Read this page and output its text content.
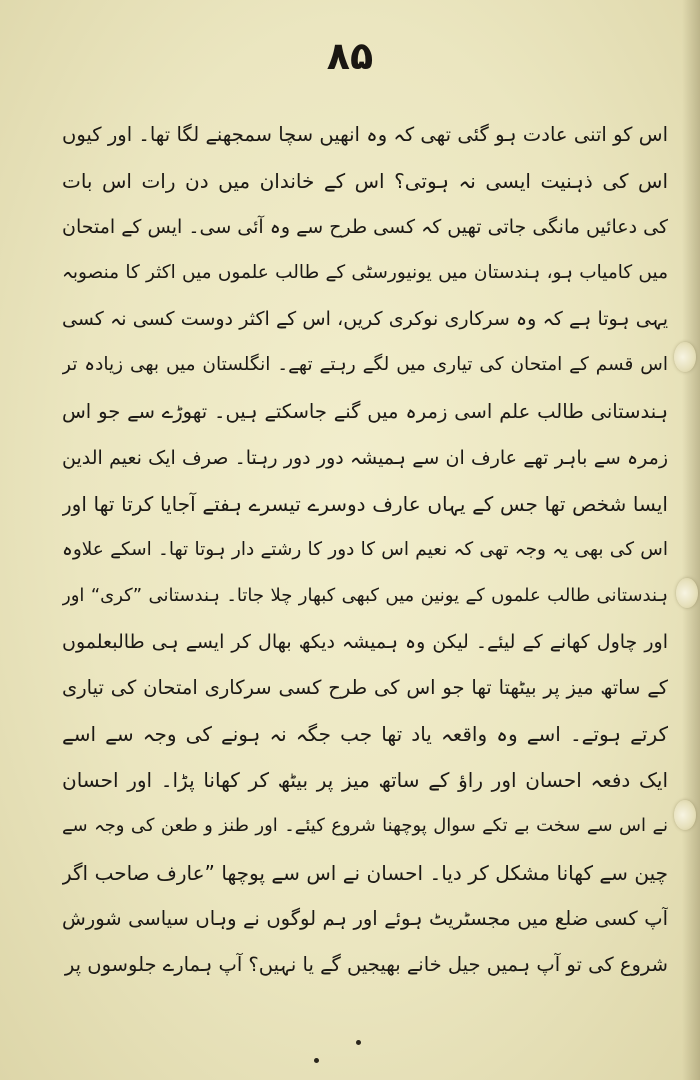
۸۵
اس کو اتنی عادت ہو گئی تھی کہ وہ انھیں سچا سمجھنے لگا تھا۔ اور کیوں
اس کی ذہنیت ایسی نہ ہوتی؟ اس کے خاندان میں دن رات اس بات
کی دعائیں مانگی جاتی تھیں کہ کسی طرح سے وہ آئی سی۔ ایس کے امتحان
میں کامیاب ہو، ہندستان میں یونیورسٹی کے طالب علموں میں اکثر کا منصوبہ
یہی ہوتا ہے کہ وہ سرکاری نوکری کریں، اس کے اکثر دوست کسی نہ کسی
اس قسم کے امتحان کی تیاری میں لگے رہتے تھے۔ انگلستان میں بھی زیادہ تر
ہندستانی طالب علم اسی زمرہ میں گنے جاسکتے ہیں۔ تھوڑے سے جو اس
زمرہ سے باہر تھے عارف ان سے ہمیشہ دور دور رہتا۔ صرف ایک نعیم الدین
ایسا شخص تھا جس کے یہاں عارف دوسرے تیسرے ہفتے آجایا کرتا تھا اور
اس کی بھی یہ وجہ تھی کہ نعیم اس کا دور کا رشتے دار ہوتا تھا۔ اسکے علاوہ
ہندستانی طالب علموں کے یونین میں کبھی کبھار چلا جاتا۔ ہندستانی ”کری“ اور
اور چاول کھانے کے لیئے۔ لیکن وہ ہمیشہ دیکھ بھال کر ایسے ہی طالبعلموں
کے ساتھ میز پر بیٹھتا تھا جو اس کی طرح کسی سرکاری امتحان کی تیاری
کرتے ہوتے۔ اسے وہ واقعہ یاد تھا جب جگہ نہ ہونے کی وجہ سے اسے
ایک دفعہ احسان اور راؤ کے ساتھ میز پر بیٹھ کر کھانا پڑا۔ اور احسان
نے اس سے سخت بے تکے سوال پوچھنا شروع کیئے۔ اور طنز و طعن کی وجہ سے
چین سے کھانا مشکل کر دیا۔ احسان نے اس سے پوچھا ”عارف صاحب اگر
آپ کسی ضلع میں مجسٹریٹ ہوئے اور ہم لوگوں نے وہاں سیاسی شورش
شروع کی تو آپ ہمیں جیل خانے بھیجیں گے یا نہیں؟ آپ ہمارے جلوسوں پر
